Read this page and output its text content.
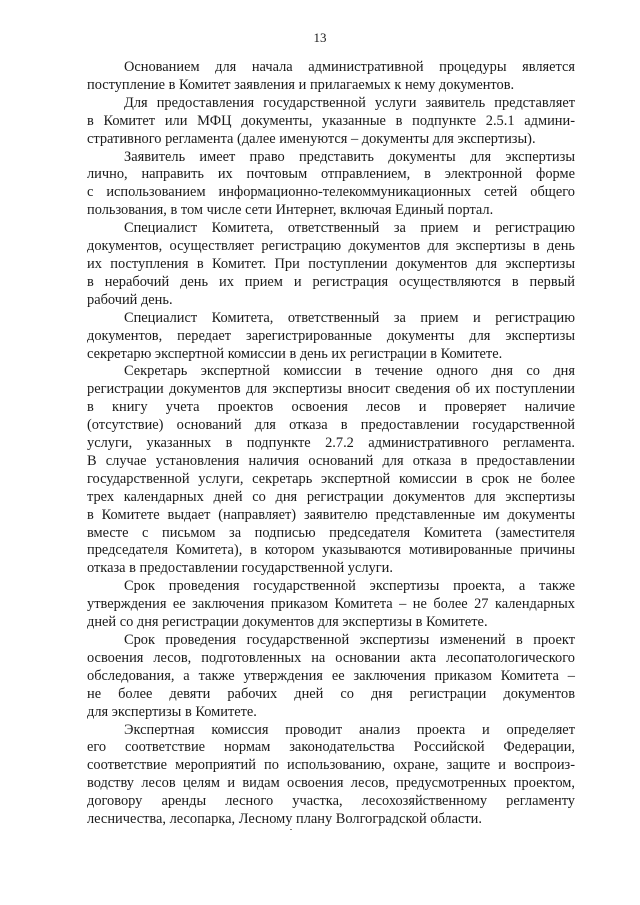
13
Основанием для начала административной процедуры является
поступление в Комитет заявления и прилагаемых к нему документов.
Для предоставления государственной услуги заявитель представляет
в Комитет или МФЦ документы, указанные в подпункте 2.5.1 админи-
стративного регламента (далее именуются – документы для экспертизы).
Заявитель имеет право представить документы для экспертизы
лично, направить их почтовым отправлением, в электронной форме
с использованием информационно-телекоммуникационных сетей общего
пользования, в том числе сети Интернет, включая Единый портал.
Специалист Комитета, ответственный за прием и регистрацию
документов, осуществляет регистрацию документов для экспертизы в день
их поступления в Комитет. При поступлении документов для экспертизы
в нерабочий день их прием и регистрация осуществляются в первый
рабочий день.
Специалист Комитета, ответственный за прием и регистрацию
документов, передает зарегистрированные документы для экспертизы
секретарю экспертной комиссии в день их регистрации в Комитете.
Секретарь экспертной комиссии в течение одного дня со дня
регистрации документов для экспертизы вносит сведения об их поступлении
в книгу учета проектов освоения лесов и проверяет наличие
(отсутствие) оснований для отказа в предоставлении государственной
услуги, указанных в подпункте 2.7.2 административного регламента.
В случае установления наличия оснований для отказа в предоставлении
государственной услуги, секретарь экспертной комиссии в срок не более
трех календарных дней со дня регистрации документов для экспертизы
в Комитете выдает (направляет) заявителю представленные им документы
вместе с письмом за подписью председателя Комитета (заместителя
председателя Комитета), в котором указываются мотивированные причины
отказа в предоставлении государственной услуги.
Срок проведения государственной экспертизы проекта, а также
утверждения ее заключения приказом Комитета – не более 27 календарных
дней со дня регистрации документов для экспертизы в Комитете.
Срок проведения государственной экспертизы изменений в проект
освоения лесов, подготовленных на основании акта лесопатологического
обследования, а также утверждения ее заключения приказом Комитета –
не более девяти рабочих дней со дня регистрации документов
для экспертизы в Комитете.
Экспертная комиссия проводит анализ проекта и определяет
его соответствие нормам законодательства Российской Федерации,
соответствие мероприятий по использованию, охране, защите и воспроиз-
водству лесов целям и видам освоения лесов, предусмотренных проектом,
договору аренды лесного участка, лесохозяйственному регламенту
лесничества, лесопарка, Лесному плану Волгоградской области.
